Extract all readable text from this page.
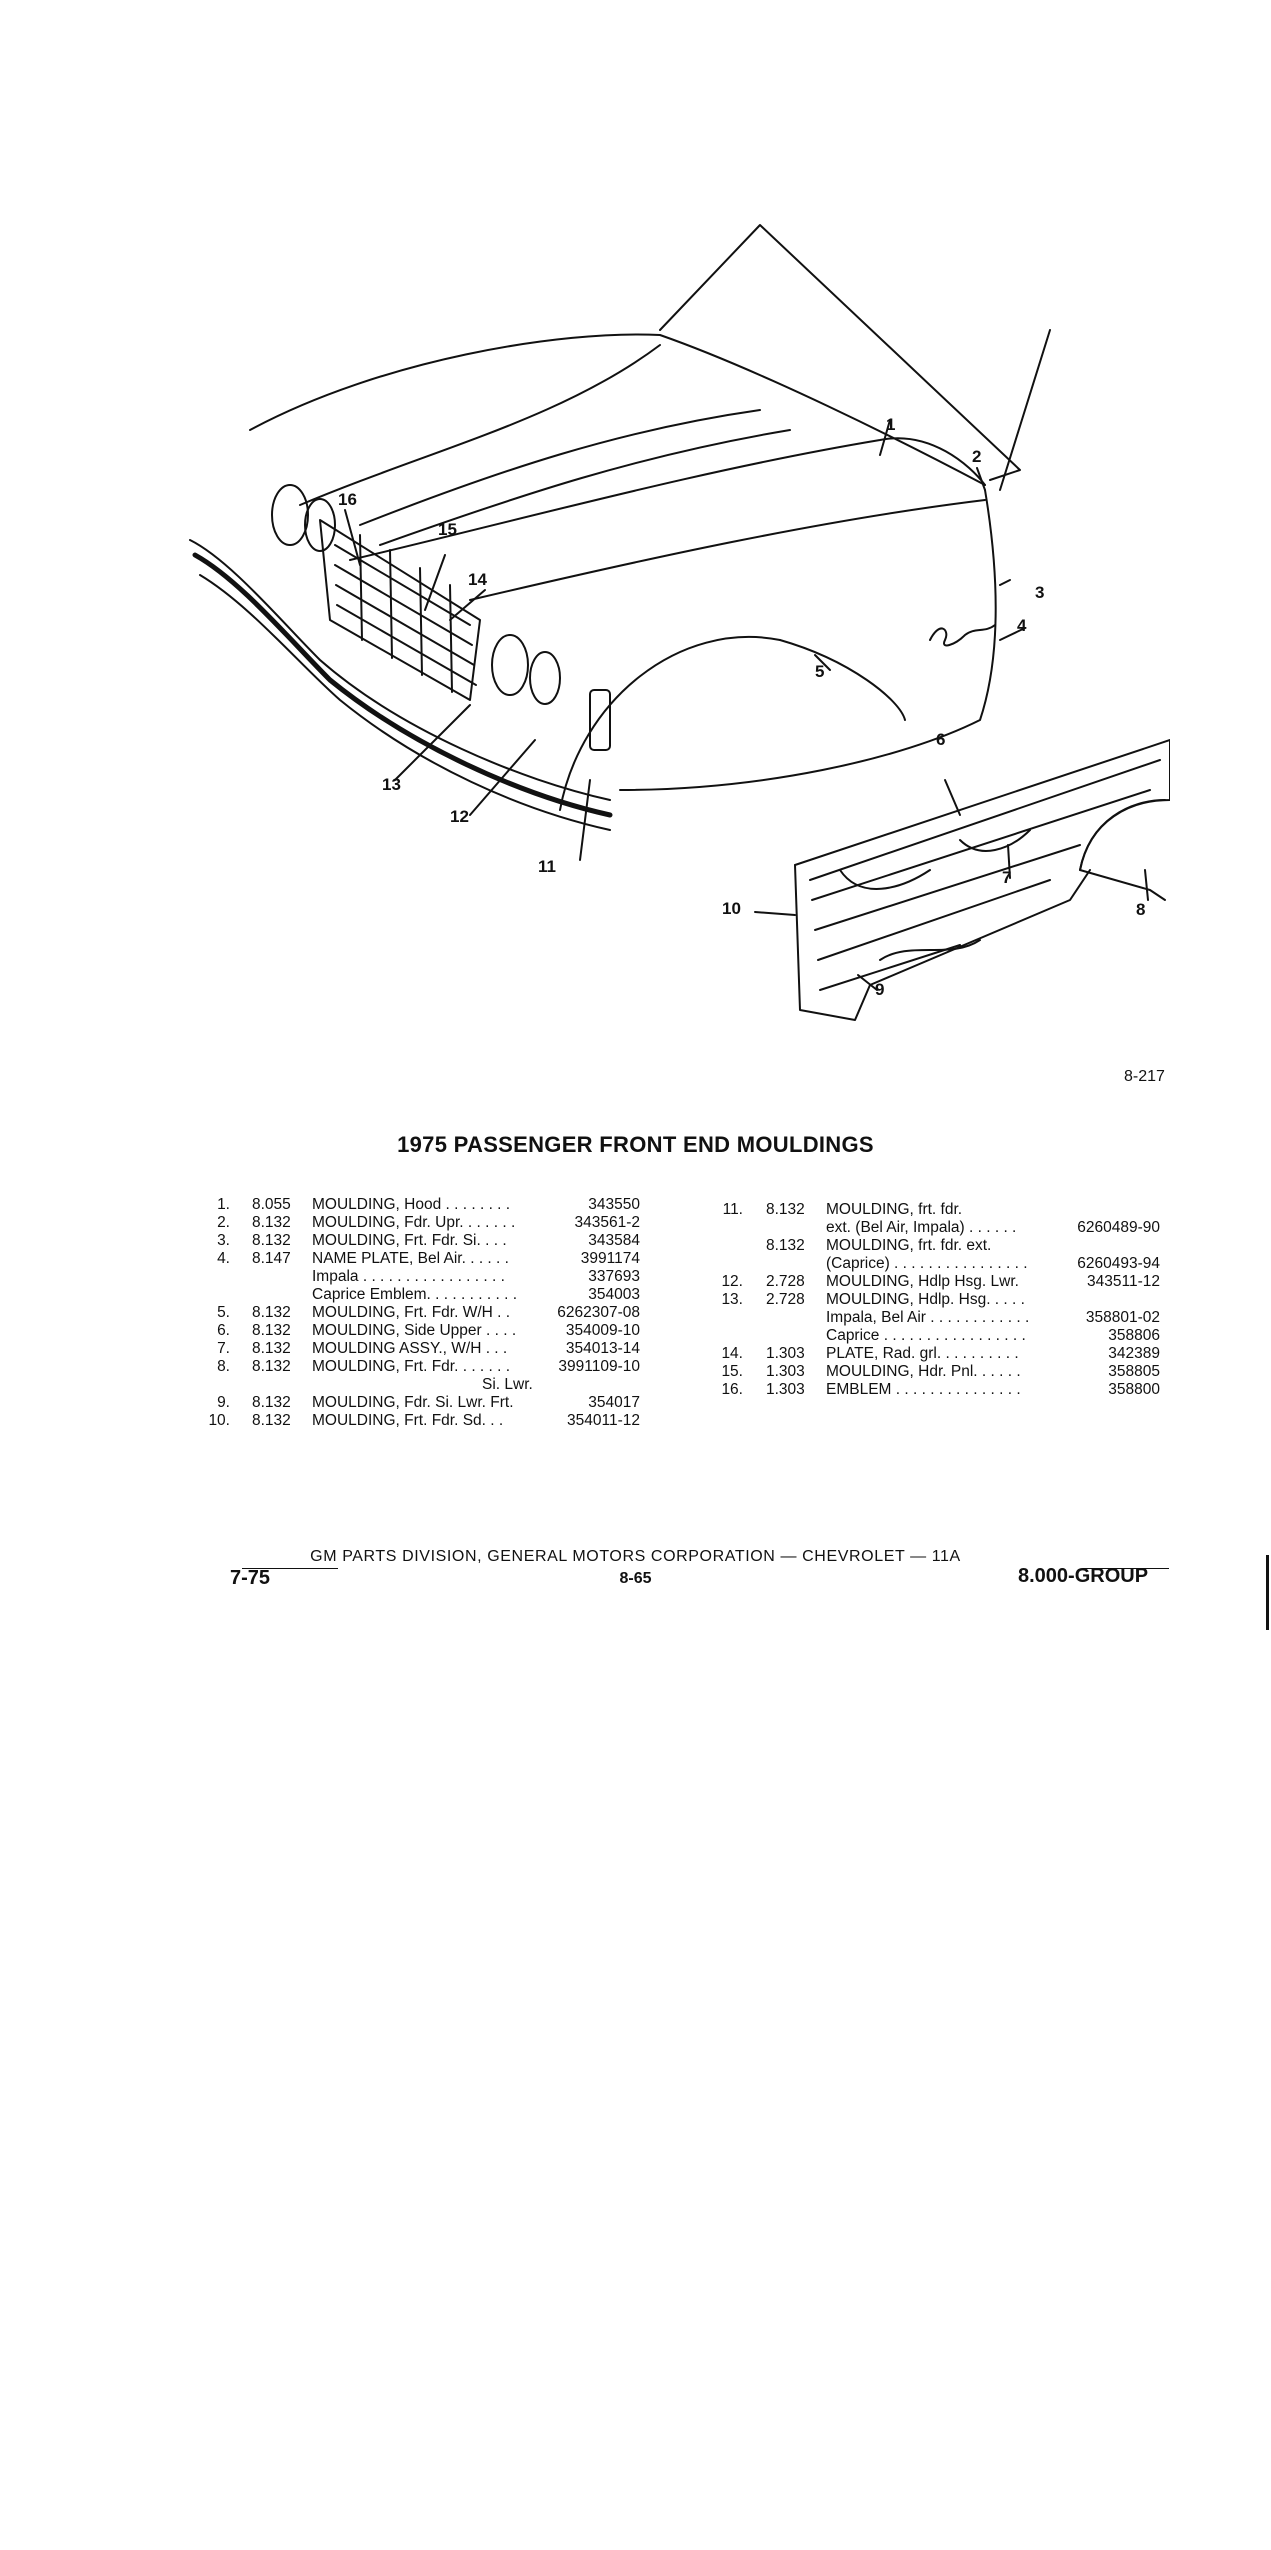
1
2
3
4
5
6
7
8
9
10
11
12
13
14
15
16
8-217
1975 PASSENGER FRONT END MOULDINGS
1. 8.055 MOULDING, Hood . . . . . . . .	343550
2. 8.132 MOULDING, Fdr. Upr. . . . . . .	343561-2
3. 8.132 MOULDING, Frt. Fdr. Si. . . .	343584
4. 8.147 NAME PLATE, Bel Air. . . . . .	3991174
Impala . . . . . . . . . . . . . . . . .	337693
Caprice Emblem. . . . . . . . . . .	354003
5. 8.132 MOULDING, Frt. Fdr. W/H . .	6262307-08
6. 8.132 MOULDING, Side Upper . . . .	354009-10
7. 8.132 MOULDING ASSY., W/H . . .	354013-14
8. 8.132 MOULDING, Frt. Fdr. . . . . . .	3991109-10
Si. Lwr.
9. 8.132 MOULDING, Fdr. Si. Lwr. Frt.	354017
10. 8.132 MOULDING, Frt. Fdr. Sd. . .	354011-12
11. 8.132 MOULDING, frt. fdr.
ext. (Bel Air, Impala) . . . . . .	6260489-90
8.132 MOULDING, frt. fdr. ext.
(Caprice) . . . . . . . . . . . . . . . .	6260493-94
12. 2.728 MOULDING, Hdlp Hsg. Lwr.	343511-12
13. 2.728 MOULDING, Hdlp. Hsg. . . . .
Impala, Bel Air . . . . . . . . . . . .	358801-02
Caprice . . . . . . . . . . . . . . . . .	358806
14. 1.303 PLATE, Rad. grl. . . . . . . . . .	342389
15. 1.303 MOULDING, Hdr. Pnl. . . . . .	358805
16. 1.303 EMBLEM . . . . . . . . . . . . . . .	358800
GM PARTS DIVISION, GENERAL MOTORS CORPORATION — CHEVROLET — 11A
7-75	8-65	8.000-GROUP
